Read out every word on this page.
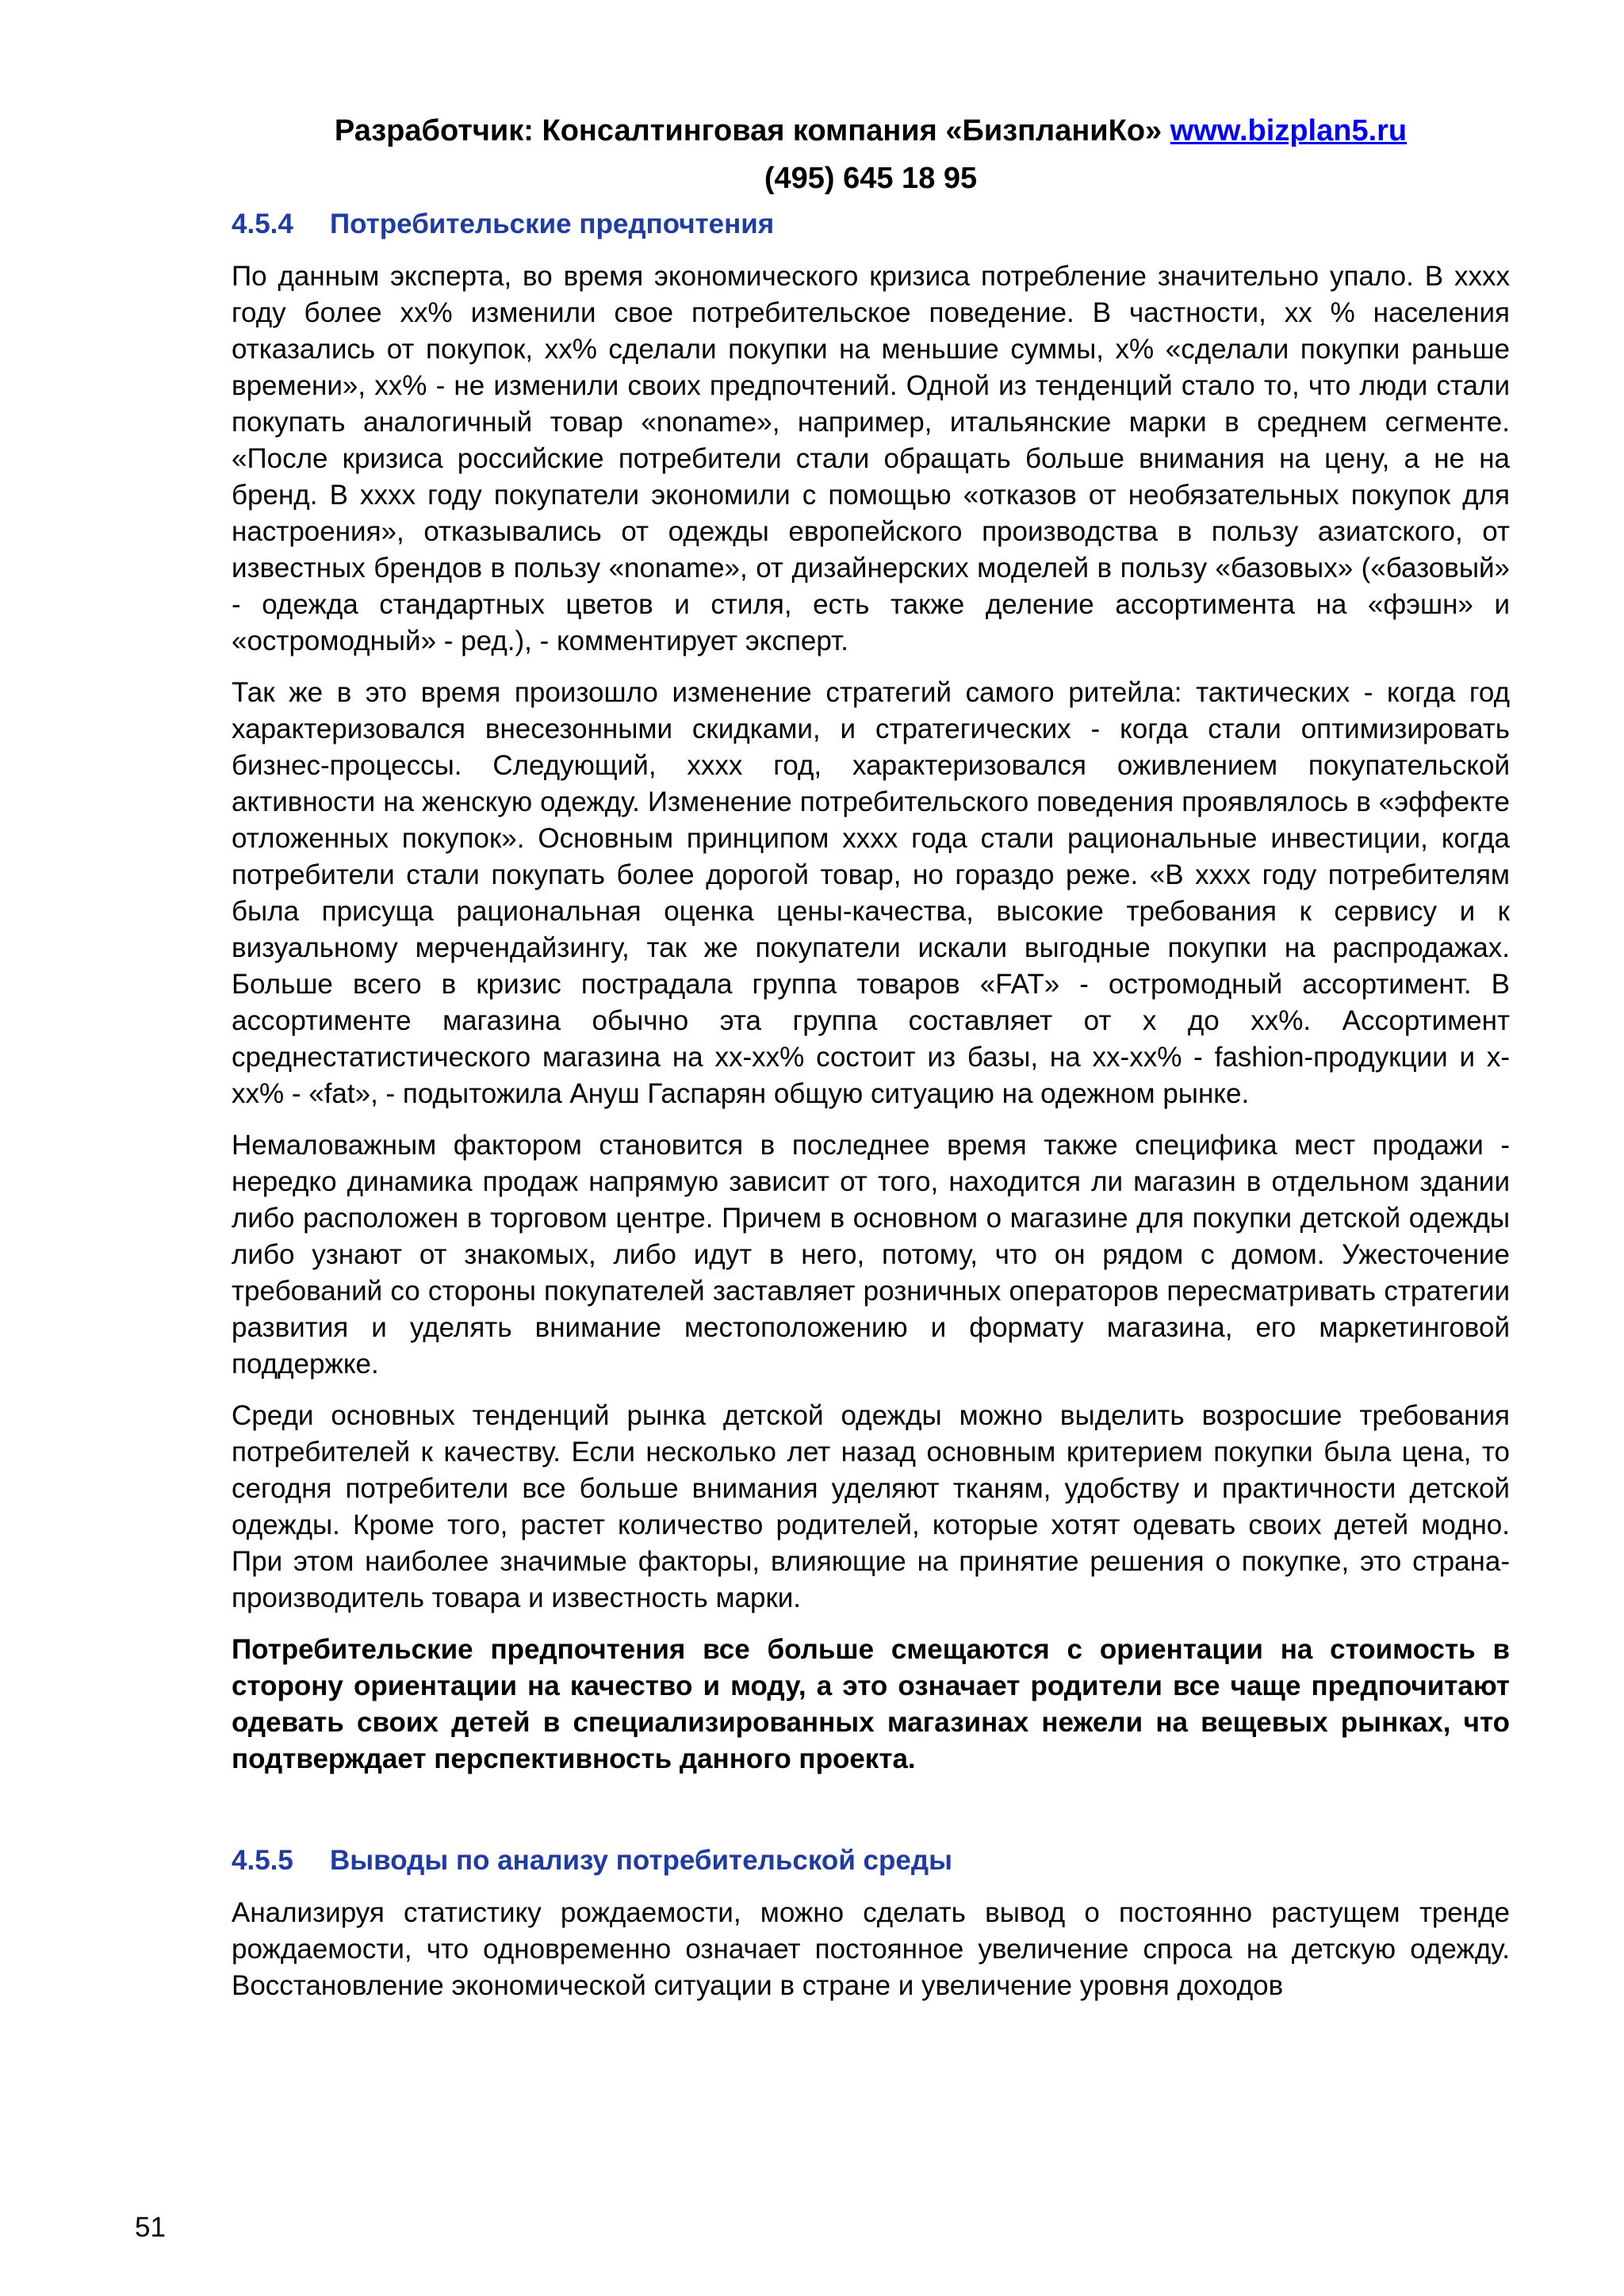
Разработчик: Консалтинговая компания «БизпланиКо» www.bizplan5.ru
(495) 645 18 95
4.5.4 Потребительские предпочтения

По данным эксперта, во время экономического кризиса потребление значительно упало. В xxxx году более xx% изменили свое потребительское поведение. В частности, xx % населения отказались от покупок, xx% сделали покупки на меньшие суммы, x% «сделали покупки раньше времени», xx% - не изменили своих предпочтений. Одной из тенденций стало то, что люди стали покупать аналогичный товар «noname», например, итальянские марки в среднем сегменте. «После кризиса российские потребители стали обращать больше внимания на цену, а не на бренд. В xxxx году покупатели экономили с помощью «отказов от необязательных покупок для настроения», отказывались от одежды европейского производства в пользу азиатского, от известных брендов в пользу «noname», от дизайнерских моделей в пользу «базовых» («базовый» - одежда стандартных цветов и стиля, есть также деление ассортимента на «фэшн» и «остромодный» - ред.), - комментирует эксперт.

Так же в это время произошло изменение стратегий самого ритейла: тактических - когда год характеризовался внесезонными скидками, и стратегических - когда стали оптимизировать бизнес-процессы. Следующий, xxxx год, характеризовался оживлением покупательской активности на женскую одежду. Изменение потребительского поведения проявлялось в «эффекте отложенных покупок». Основным принципом xxxx года стали рациональные инвестиции, когда потребители стали покупать более дорогой товар, но гораздо реже. «В xxxx году потребителям была присуща рациональная оценка цены-качества, высокие требования к сервису и к визуальному мерчендайзингу, так же покупатели искали выгодные покупки на распродажах. Больше всего в кризис пострадала группа товаров «FAT» - остромодный ассортимент. В ассортименте магазина обычно эта группа составляет от x до xx%. Ассортимент среднестатистического магазина на xx-xx% состоит из базы, на xx-xx% - fashion-продукции и x-xx% - «fat», - подытожила Ануш Гаспарян общую ситуацию на одежном рынке.

Немаловажным фактором становится в последнее время также специфика мест продажи - нередко динамика продаж напрямую зависит от того, находится ли магазин в отдельном здании либо расположен в торговом центре. Причем в основном о магазине для покупки детской одежды либо узнают от знакомых, либо идут в него, потому, что он рядом с домом. Ужесточение требований со стороны покупателей заставляет розничных операторов пересматривать стратегии развития и уделять внимание местоположению и формату магазина, его маркетинговой поддержке.

Среди основных тенденций рынка детской одежды можно выделить возросшие требования потребителей к качеству. Если несколько лет назад основным критерием покупки была цена, то сегодня потребители все больше внимания уделяют тканям, удобству и практичности детской одежды. Кроме того, растет количество родителей, которые хотят одевать своих детей модно. При этом наиболее значимые факторы, влияющие на принятие решения о покупке, это страна-производитель товара и известность марки.

Потребительские предпочтения все больше смещаются с ориентации на стоимость в сторону ориентации на качество и моду, а это означает родители все чаще предпочитают одевать своих детей в специализированных магазинах нежели на вещевых рынках, что подтверждает перспективность данного проекта.

4.5.5 Выводы по анализу потребительской среды

Анализируя статистику рождаемости, можно сделать вывод о постоянно растущем тренде рождаемости, что одновременно означает постоянное увеличение спроса на детскую одежду. Восстановление экономической ситуации в стране и увеличение уровня доходов

51
